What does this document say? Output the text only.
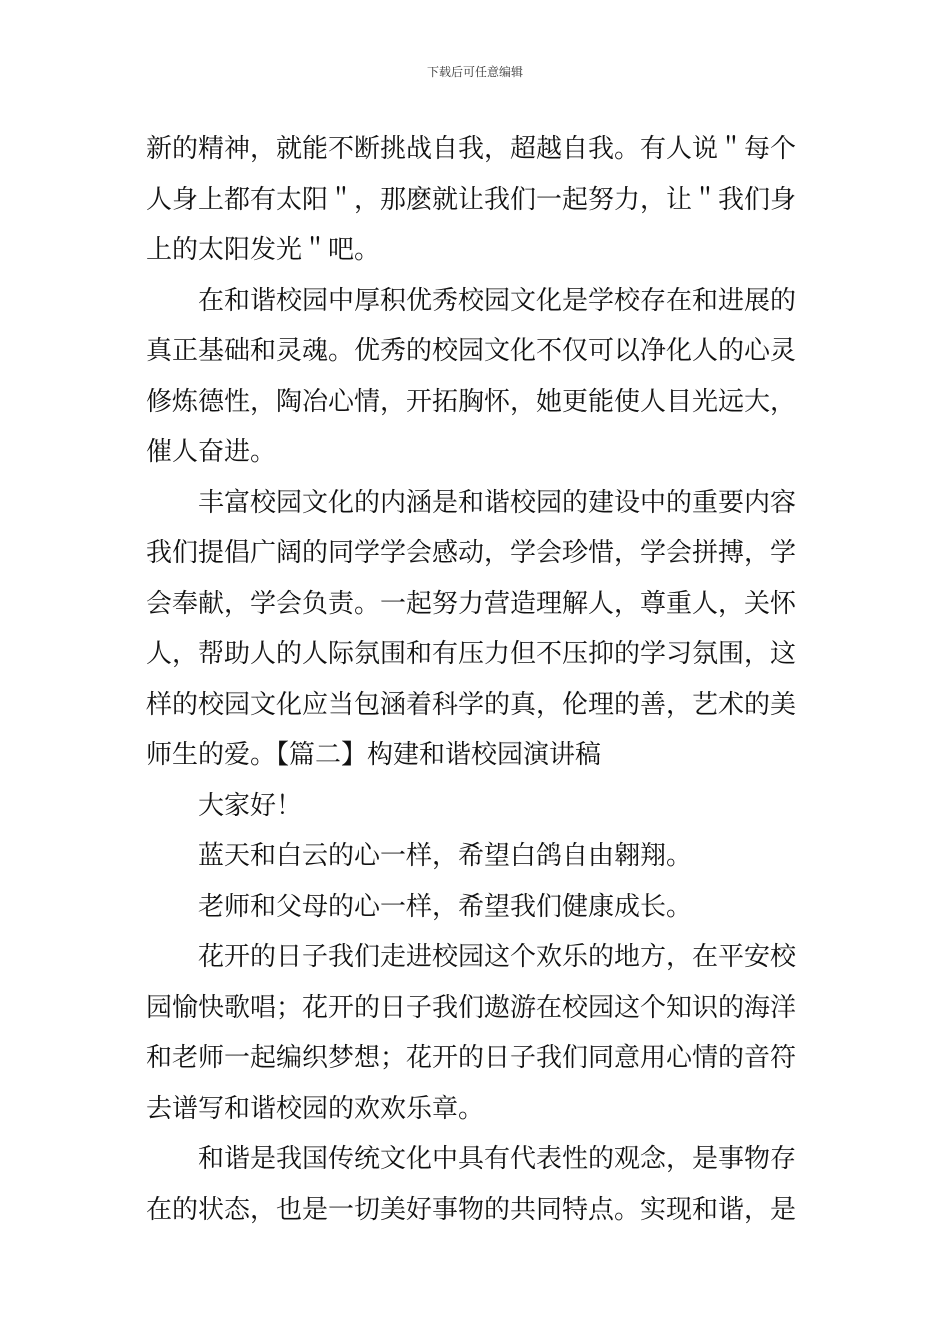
下载后可任意编辑
新的精神，就能不断挑战自我，超越自我。有人说＂每个
人身上都有太阳＂，那麽就让我们一起努力，让＂我们身
上的太阳发光＂吧。
在和谐校园中厚积优秀校园文化是学校存在和进展的
真正基础和灵魂。优秀的校园文化不仅可以净化人的心灵
修炼德性，陶冶心情，开拓胸怀，她更能使人目光远大，
催人奋进。
丰富校园文化的内涵是和谐校园的建设中的重要内容
我们提倡广阔的同学学会感动，学会珍惜，学会拼搏，学
会奉献，学会负责。一起努力营造理解人，尊重人，关怀
人，帮助人的人际氛围和有压力但不压抑的学习氛围，这
样的校园文化应当包涵着科学的真，伦理的善，艺术的美
师生的爱。【篇二】构建和谐校园演讲稿
大家好！
蓝天和白云的心一样，希望白鸽自由翱翔。
老师和父母的心一样，希望我们健康成长。
花开的日子我们走进校园这个欢乐的地方，在平安校
园愉快歌唱；花开的日子我们遨游在校园这个知识的海洋
和老师一起编织梦想；花开的日子我们同意用心情的音符
去谱写和谐校园的欢欢乐章。
和谐是我国传统文化中具有代表性的观念，是事物存
在的状态，也是一切美好事物的共同特点。实现和谐，是
